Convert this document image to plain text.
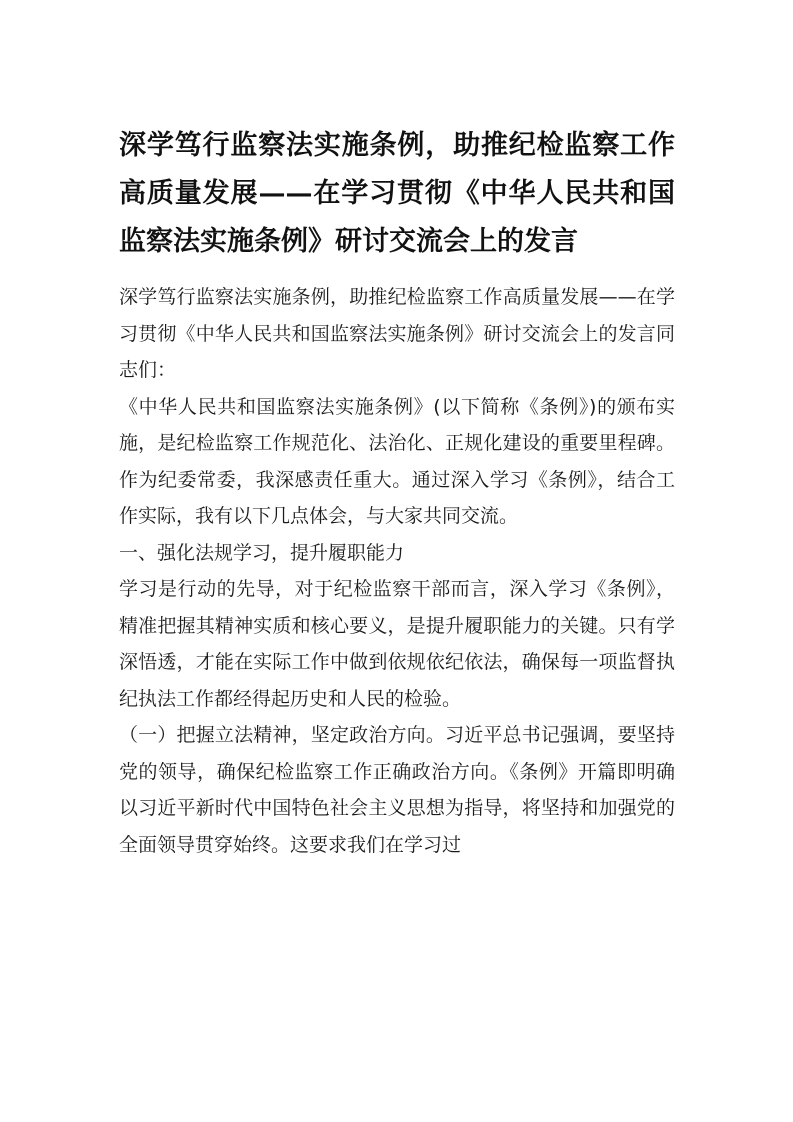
深学笃行监察法实施条例，助推纪检监察工作高质量发展——在学习贯彻《中华人民共和国监察法实施条例》研讨交流会上的发言

深学笃行监察法实施条例，助推纪检监察工作高质量发展——在学习贯彻《中华人民共和国监察法实施条例》研讨交流会上的发言同志们：

《中华人民共和国监察法实施条例》(以下简称《条例》)的颁布实施，是纪检监察工作规范化、法治化、正规化建设的重要里程碑。作为纪委常委，我深感责任重大。通过深入学习《条例》，结合工作实际，我有以下几点体会，与大家共同交流。

一、强化法规学习，提升履职能力

学习是行动的先导，对于纪检监察干部而言，深入学习《条例》，精准把握其精神实质和核心要义，是提升履职能力的关键。只有学深悟透，才能在实际工作中做到依规依纪依法，确保每一项监督执纪执法工作都经得起历史和人民的检验。

（一）把握立法精神，坚定政治方向。习近平总书记强调，要坚持党的领导，确保纪检监察工作正确政治方向。《条例》开篇即明确以习近平新时代中国特色社会主义思想为指导，将坚持和加强党的全面领导贯穿始终。这要求我们在学习过
